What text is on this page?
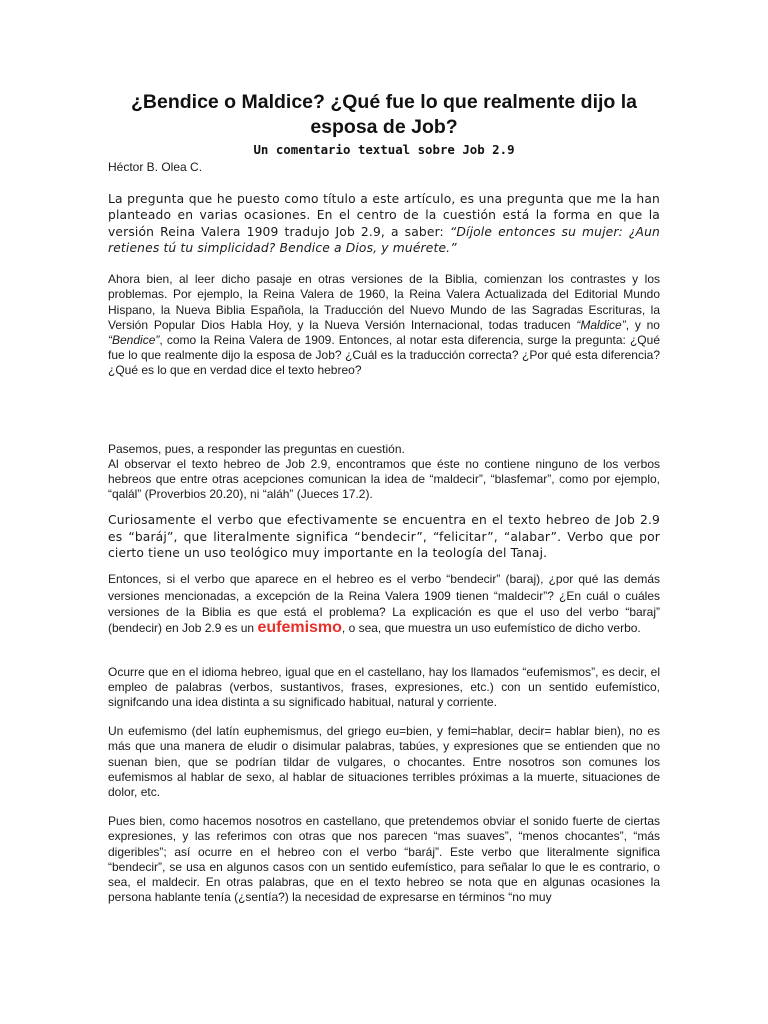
¿Bendice o Maldice? ¿Qué fue lo que realmente dijo la esposa de Job?
Un comentario textual sobre Job 2.9
Héctor B. Olea C.

La pregunta que he puesto como título a este artículo, es una pregunta que me la han planteado en varias ocasiones. En el centro de la cuestión está la forma en que la versión Reina Valera 1909 tradujo Job 2.9, a saber: “Díjole entonces su mujer: ¿Aun retienes tú tu simplicidad? Bendice a Dios, y muérete.”

Ahora bien, al leer dicho pasaje en otras versiones de la Biblia, comienzan los contrastes y los problemas. Por ejemplo, la Reina Valera de 1960, la Reina Valera Actualizada del Editorial Mundo Hispano, la Nueva Biblia Española, la Traducción del Nuevo Mundo de las Sagradas Escrituras, la Versión Popular Dios Habla Hoy, y la Nueva Versión Internacional, todas traducen “Maldice”, y no “Bendice”, como la Reina Valera de 1909. Entonces, al notar esta diferencia, surge la pregunta: ¿Qué fue lo que realmente dijo la esposa de Job? ¿Cuál es la traducción correcta? ¿Por qué esta diferencia? ¿Qué es lo que en verdad dice el texto hebreo?

Pasemos, pues, a responder las preguntas en cuestión.
Al observar el texto hebreo de Job 2.9, encontramos que éste no contiene ninguno de los verbos hebreos que entre otras acepciones comunican la idea de “maldecir”, “blasfemar”, como por ejemplo, “qalál” (Proverbios 20.20), ni “aláh” (Jueces 17.2).

Curiosamente el verbo que efectivamente se encuentra en el texto hebreo de Job 2.9 es “baráj”, que literalmente significa “bendecir”, “felicitar”, “alabar”. Verbo que por cierto tiene un uso teológico muy importante en la teología del Tanaj.

Entonces, si el verbo que aparece en el hebreo es el verbo “bendecir” (baraj), ¿por qué las demás versiones mencionadas, a excepción de la Reina Valera 1909 tienen “maldecir”? ¿En cuál o cuáles versiones de la Biblia es que está el problema? La explicación es que el uso del verbo “baraj” (bendecir) en Job 2.9 es un eufemismo, o sea, que muestra un uso eufemístico de dicho verbo.

Ocurre que en el idioma hebreo, igual que en el castellano, hay los llamados “eufemismos”, es decir, el empleo de palabras (verbos, sustantivos, frases, expresiones, etc.) con un sentido eufemístico, signifcando una idea distinta a su significado habitual, natural y corriente.

Un eufemismo (del latín euphemismus, del griego eu=bien, y femi=hablar, decir= hablar bien), no es más que una manera de eludir o disimular palabras, tabúes, y expresiones que se entienden que no suenan bien, que se podrían tildar de vulgares, o chocantes. Entre nosotros son comunes los eufemismos al hablar de sexo, al hablar de situaciones terribles próximas a la muerte, situaciones de dolor, etc.

Pues bien, como hacemos nosotros en castellano, que pretendemos obviar el sonido fuerte de ciertas expresiones, y las referimos con otras que nos parecen “mas suaves”, “menos chocantes”, “más digeribles”; así ocurre en el hebreo con el verbo “baráj”. Este verbo que literalmente significa “bendecir”, se usa en algunos casos con un sentido eufemístico, para señalar lo que le es contrario, o sea, el maldecir. En otras palabras, que en el texto hebreo se nota que en algunas ocasiones la persona hablante tenía (¿sentía?) la necesidad de expresarse en términos “no muy
